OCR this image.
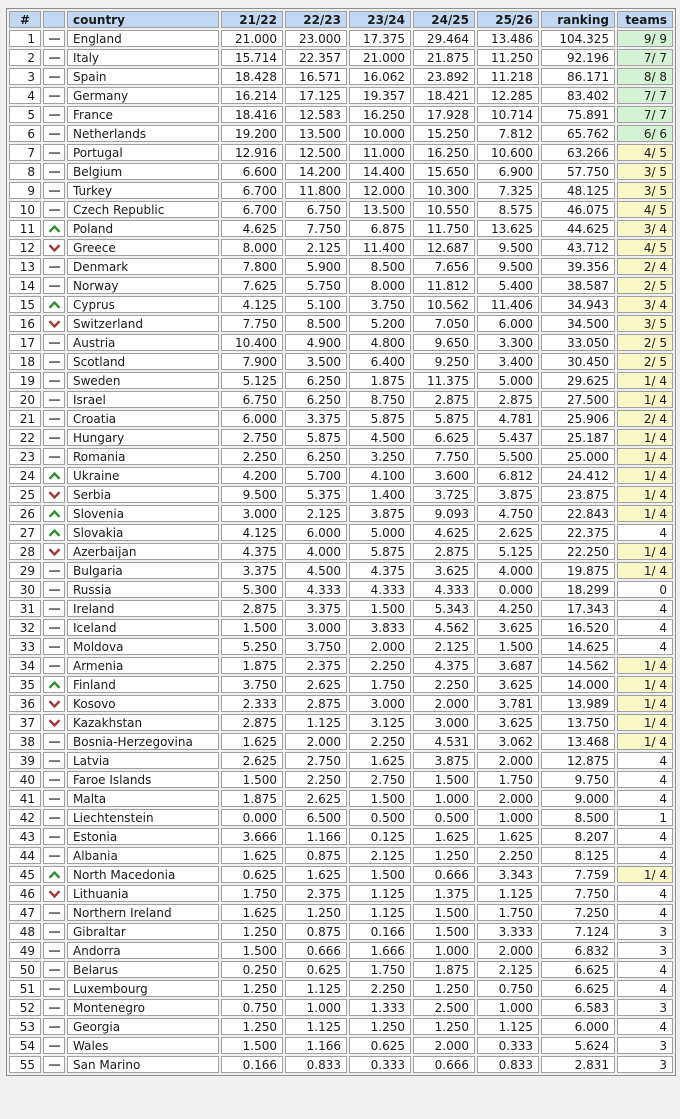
#		country	21/22	22/23	23/24	24/25	25/26	ranking	teams
1		England	21.000	23.000	17.375	29.464	13.486	104.325	9/ 9
2		Italy	15.714	22.357	21.000	21.875	11.250	92.196	7/ 7
3		Spain	18.428	16.571	16.062	23.892	11.218	86.171	8/ 8
4		Germany	16.214	17.125	19.357	18.421	12.285	83.402	7/ 7
5		France	18.416	12.583	16.250	17.928	10.714	75.891	7/ 7
6		Netherlands	19.200	13.500	10.000	15.250	7.812	65.762	6/ 6
7		Portugal	12.916	12.500	11.000	16.250	10.600	63.266	4/ 5
8		Belgium	6.600	14.200	14.400	15.650	6.900	57.750	3/ 5
9		Turkey	6.700	11.800	12.000	10.300	7.325	48.125	3/ 5
10		Czech Republic	6.700	6.750	13.500	10.550	8.575	46.075	4/ 5
11		Poland	4.625	7.750	6.875	11.750	13.625	44.625	3/ 4
12		Greece	8.000	2.125	11.400	12.687	9.500	43.712	4/ 5
13		Denmark	7.800	5.900	8.500	7.656	9.500	39.356	2/ 4
14		Norway	7.625	5.750	8.000	11.812	5.400	38.587	2/ 5
15		Cyprus	4.125	5.100	3.750	10.562	11.406	34.943	3/ 4
16		Switzerland	7.750	8.500	5.200	7.050	6.000	34.500	3/ 5
17		Austria	10.400	4.900	4.800	9.650	3.300	33.050	2/ 5
18		Scotland	7.900	3.500	6.400	9.250	3.400	30.450	2/ 5
19		Sweden	5.125	6.250	1.875	11.375	5.000	29.625	1/ 4
20		Israel	6.750	6.250	8.750	2.875	2.875	27.500	1/ 4
21		Croatia	6.000	3.375	5.875	5.875	4.781	25.906	2/ 4
22		Hungary	2.750	5.875	4.500	6.625	5.437	25.187	1/ 4
23		Romania	2.250	6.250	3.250	7.750	5.500	25.000	1/ 4
24		Ukraine	4.200	5.700	4.100	3.600	6.812	24.412	1/ 4
25		Serbia	9.500	5.375	1.400	3.725	3.875	23.875	1/ 4
26		Slovenia	3.000	2.125	3.875	9.093	4.750	22.843	1/ 4
27		Slovakia	4.125	6.000	5.000	4.625	2.625	22.375	4
28		Azerbaijan	4.375	4.000	5.875	2.875	5.125	22.250	1/ 4
29		Bulgaria	3.375	4.500	4.375	3.625	4.000	19.875	1/ 4
30		Russia	5.300	4.333	4.333	4.333	0.000	18.299	0
31		Ireland	2.875	3.375	1.500	5.343	4.250	17.343	4
32		Iceland	1.500	3.000	3.833	4.562	3.625	16.520	4
33		Moldova	5.250	3.750	2.000	2.125	1.500	14.625	4
34		Armenia	1.875	2.375	2.250	4.375	3.687	14.562	1/ 4
35		Finland	3.750	2.625	1.750	2.250	3.625	14.000	1/ 4
36		Kosovo	2.333	2.875	3.000	2.000	3.781	13.989	1/ 4
37		Kazakhstan	2.875	1.125	3.125	3.000	3.625	13.750	1/ 4
38		Bosnia-Herzegovina	1.625	2.000	2.250	4.531	3.062	13.468	1/ 4
39		Latvia	2.625	2.750	1.625	3.875	2.000	12.875	4
40		Faroe Islands	1.500	2.250	2.750	1.500	1.750	9.750	4
41		Malta	1.875	2.625	1.500	1.000	2.000	9.000	4
42		Liechtenstein	0.000	6.500	0.500	0.500	1.000	8.500	1
43		Estonia	3.666	1.166	0.125	1.625	1.625	8.207	4
44		Albania	1.625	0.875	2.125	1.250	2.250	8.125	4
45		North Macedonia	0.625	1.625	1.500	0.666	3.343	7.759	1/ 4
46		Lithuania	1.750	2.375	1.125	1.375	1.125	7.750	4
47		Northern Ireland	1.625	1.250	1.125	1.500	1.750	7.250	4
48		Gibraltar	1.250	0.875	0.166	1.500	3.333	7.124	3
49		Andorra	1.500	0.666	1.666	1.000	2.000	6.832	3
50		Belarus	0.250	0.625	1.750	1.875	2.125	6.625	4
51		Luxembourg	1.250	1.125	2.250	1.250	0.750	6.625	4
52		Montenegro	0.750	1.000	1.333	2.500	1.000	6.583	3
53		Georgia	1.250	1.125	1.250	1.250	1.125	6.000	4
54		Wales	1.500	1.166	0.625	2.000	0.333	5.624	3
55		San Marino	0.166	0.833	0.333	0.666	0.833	2.831	3
